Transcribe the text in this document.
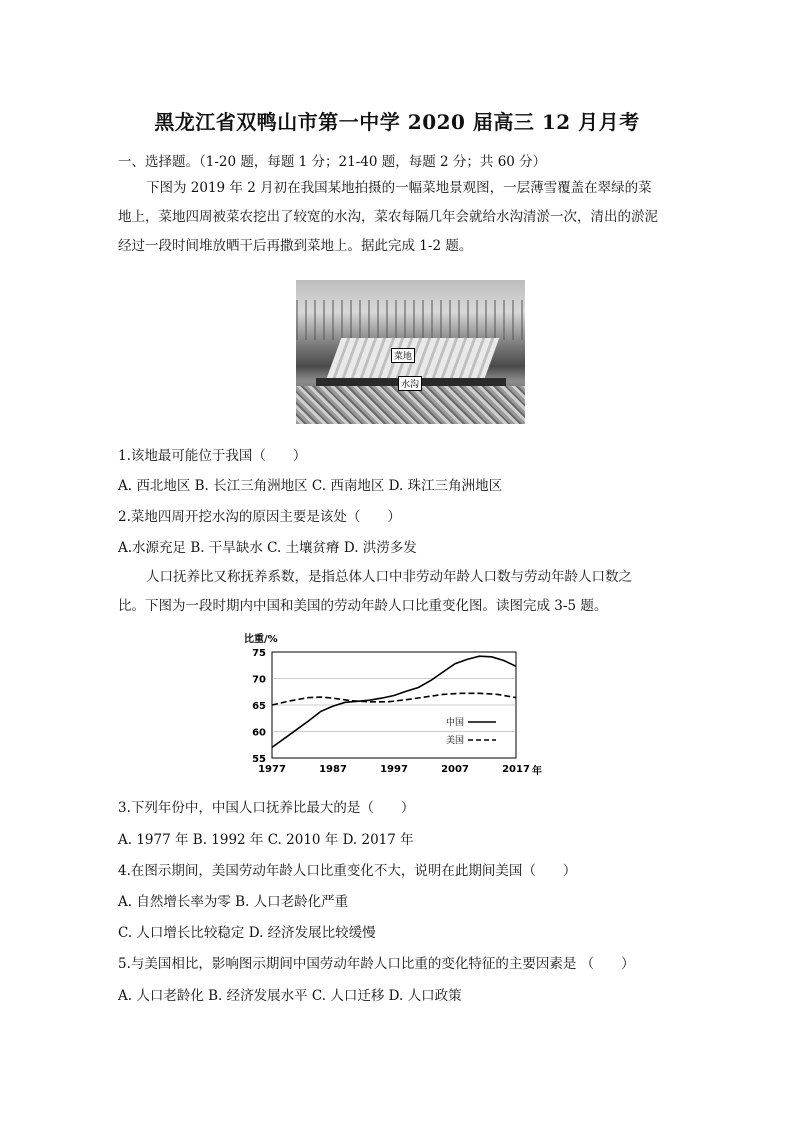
黑龙江省双鸭山市第一中学 2020 届高三 12 月月考
一、选择题。（1-20 题，每题 1 分；21-40 题，每题 2 分；共 60 分）
下图为 2019 年 2 月初在我国某地拍摄的一幅菜地景观图，一层薄雪覆盖在翠绿的菜地上，菜地四周被菜农挖出了较宽的水沟，菜农每隔几年会就给水沟清淤一次，清出的淤泥经过一段时间堆放晒干后再撒到菜地上。据此完成 1-2 题。
菜地
水沟
1.该地最可能位于我国（　　）
A. 西北地区 B. 长江三角洲地区 C. 西南地区 D. 珠江三角洲地区
2.菜地四周开挖水沟的原因主要是该处（　　）
A.水源充足 B. 干旱缺水 C. 土壤贫瘠 D. 洪涝多发
人口抚养比又称抚养系数，是指总体人口中非劳动年龄人口数与劳动年龄人口数之比。下图为一段时期内中国和美国的劳动年龄人口比重变化图。读图完成 3-5 题。
比重/%
55
60
65
70
75
1977	1987	1997	2007	2017
中国
美国
年
3.下列年份中，中国人口抚养比最大的是（　　）
A. 1977 年 B. 1992 年 C. 2010 年 D. 2017 年
4.在图示期间，美国劳动年龄人口比重变化不大，说明在此期间美国（　　）
A. 自然增长率为零 B. 人口老龄化严重
C. 人口增长比较稳定 D. 经济发展比较缓慢
5.与美国相比，影响图示期间中国劳动年龄人口比重的变化特征的主要因素是 （　　）
A. 人口老龄化 B. 经济发展水平 C. 人口迁移 D. 人口政策
